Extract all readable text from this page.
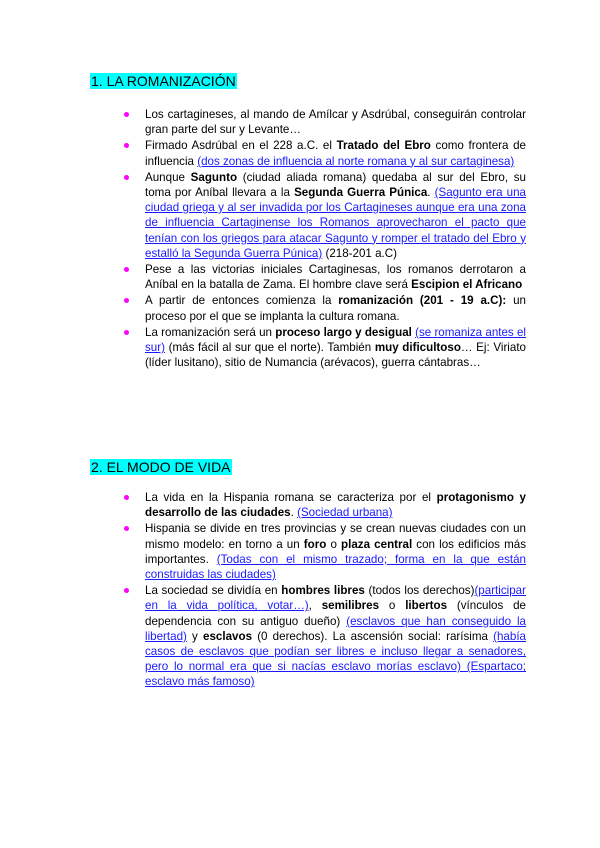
1. LA ROMANIZACIÓN
Los cartagineses, al mando de Amílcar y Asdrúbal, conseguirán controlar gran parte del sur y Levante…
Firmado Asdrúbal en el 228 a.C. el Tratado del Ebro como frontera de influencia (dos zonas de influencia al norte romana y al sur cartaginesa)
Aunque Sagunto (ciudad aliada romana) quedaba al sur del Ebro, su toma por Aníbal llevara a la Segunda Guerra Púnica. (Sagunto era una ciudad griega y al ser invadida por los Cartagineses aunque era una zona de influencia Cartaginense los Romanos aprovecharon el pacto que tenían con los griegos para atacar Sagunto y romper el tratado del Ebro y estalló la Segunda Guerra Púnica) (218-201 a.C)
Pese a las victorias iniciales Cartaginesas, los romanos derrotaron a Aníbal en la batalla de Zama. El hombre clave será Escipion el Africano
A partir de entonces comienza la romanización (201 - 19 a.C): un proceso por el que se implanta la cultura romana.
La romanización será un proceso largo y desigual (se romaniza antes el sur) (más fácil al sur que el norte). También muy dificultoso… Ej: Viriato (líder lusitano), sitio de Numancia (arévacos), guerra cántabras…
2. EL MODO DE VIDA
La vida en la Hispania romana se caracteriza por el protagonismo y desarrollo de las ciudades. (Sociedad urbana)
Hispania se divide en tres provincias y se crean nuevas ciudades con un mismo modelo: en torno a un foro o plaza central con los edificios más importantes. (Todas con el mismo trazado; forma en la que están construidas las ciudades)
La sociedad se dividía en hombres libres (todos los derechos)(participar en la vida política, votar…), semilibres o libertos (vínculos de dependencia con su antiguo dueño) (esclavos que han conseguido la libertad) y esclavos (0 derechos). La ascensión social: rarísima (había casos de esclavos que podían ser libres e incluso llegar a senadores, pero lo normal era que si nacías esclavo morías esclavo) (Espartaco; esclavo más famoso)
